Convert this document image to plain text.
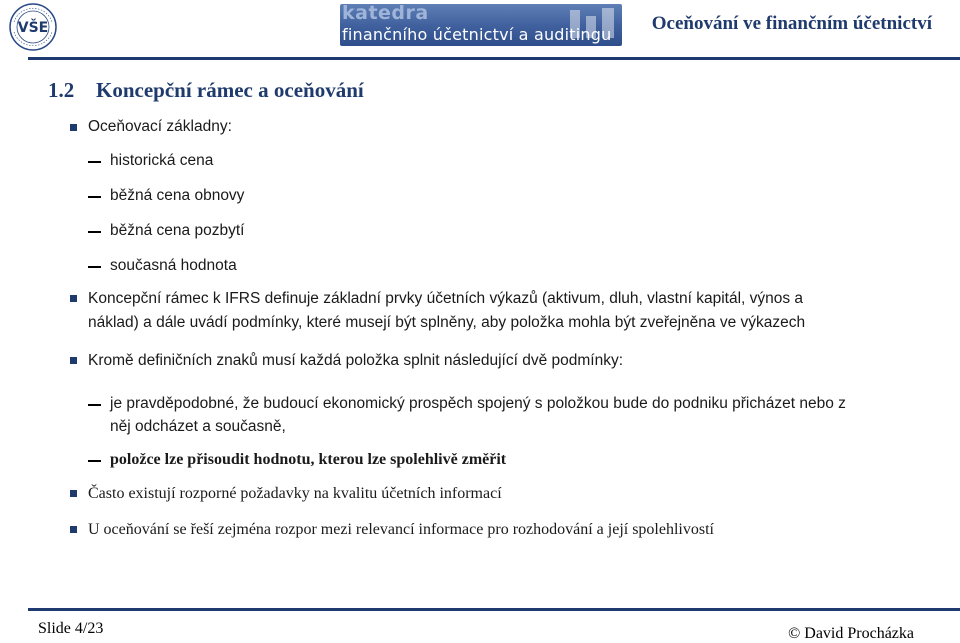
VŠE
katedra
finančního účetnictví a auditingu
Oceňování ve finančním účetnictví
1.2 Koncepční rámec a oceňování
Oceňovací základny:
historická cena
běžná cena obnovy
běžná cena pozbytí
současná hodnota
Koncepční rámec k IFRS definuje základní prvky účetních výkazů (aktivum, dluh, vlastní kapitál, výnos a
náklad) a dále uvádí podmínky, které musejí být splněny, aby položka mohla být zveřejněna ve výkazech
Kromě definičních znaků musí každá položka splnit následující dvě podmínky:
je pravděpodobné, že budoucí ekonomický prospěch spojený s položkou bude do podniku přicházet nebo z
něj odcházet a současně,
položce lze přisoudit hodnotu, kterou lze spolehlivě změřit
Často existují rozporné požadavky na kvalitu účetních informací
U oceňování se řeší zejména rozpor mezi relevancí informace pro rozhodování a její spolehlivostí
Slide 4/23	© David Procházka
